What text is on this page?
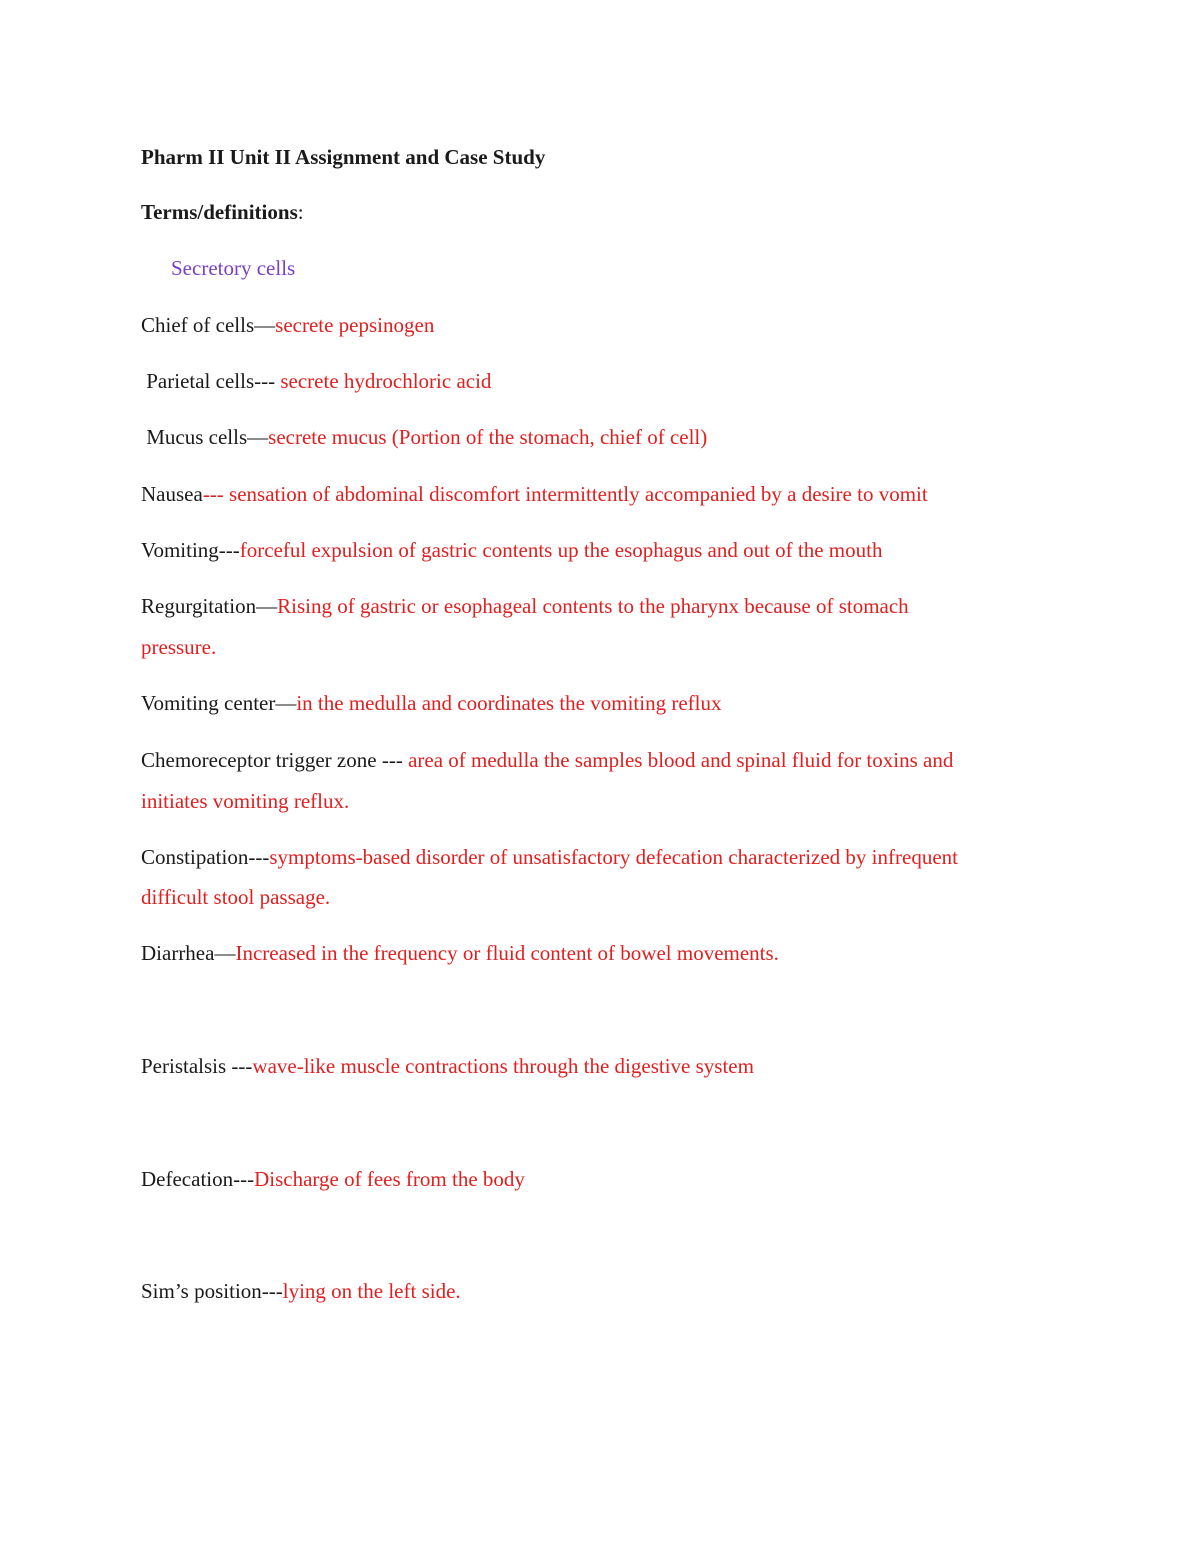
Pharm II Unit II Assignment and Case Study
Terms/definitions:
Secretory cells
Chief of cells—secrete pepsinogen
Parietal cells--- secrete hydrochloric acid
Mucus cells—secrete mucus (Portion of the stomach, chief of cell)
Nausea--- sensation of abdominal discomfort intermittently accompanied by a desire to vomit
Vomiting---forceful expulsion of gastric contents up the esophagus and out of the mouth
Regurgitation—Rising of gastric or esophageal contents to the pharynx because of stomach
pressure.
Vomiting center—in the medulla and coordinates the vomiting reflux
Chemoreceptor trigger zone --- area of medulla the samples blood and spinal fluid for toxins and
initiates vomiting reflux.
Constipation---symptoms-based disorder of unsatisfactory defecation characterized by infrequent
difficult stool passage.
Diarrhea—Increased in the frequency or fluid content of bowel movements.
Peristalsis ---wave-like muscle contractions through the digestive system
Defecation---Discharge of fees from the body
Sim’s position---lying on the left side.
